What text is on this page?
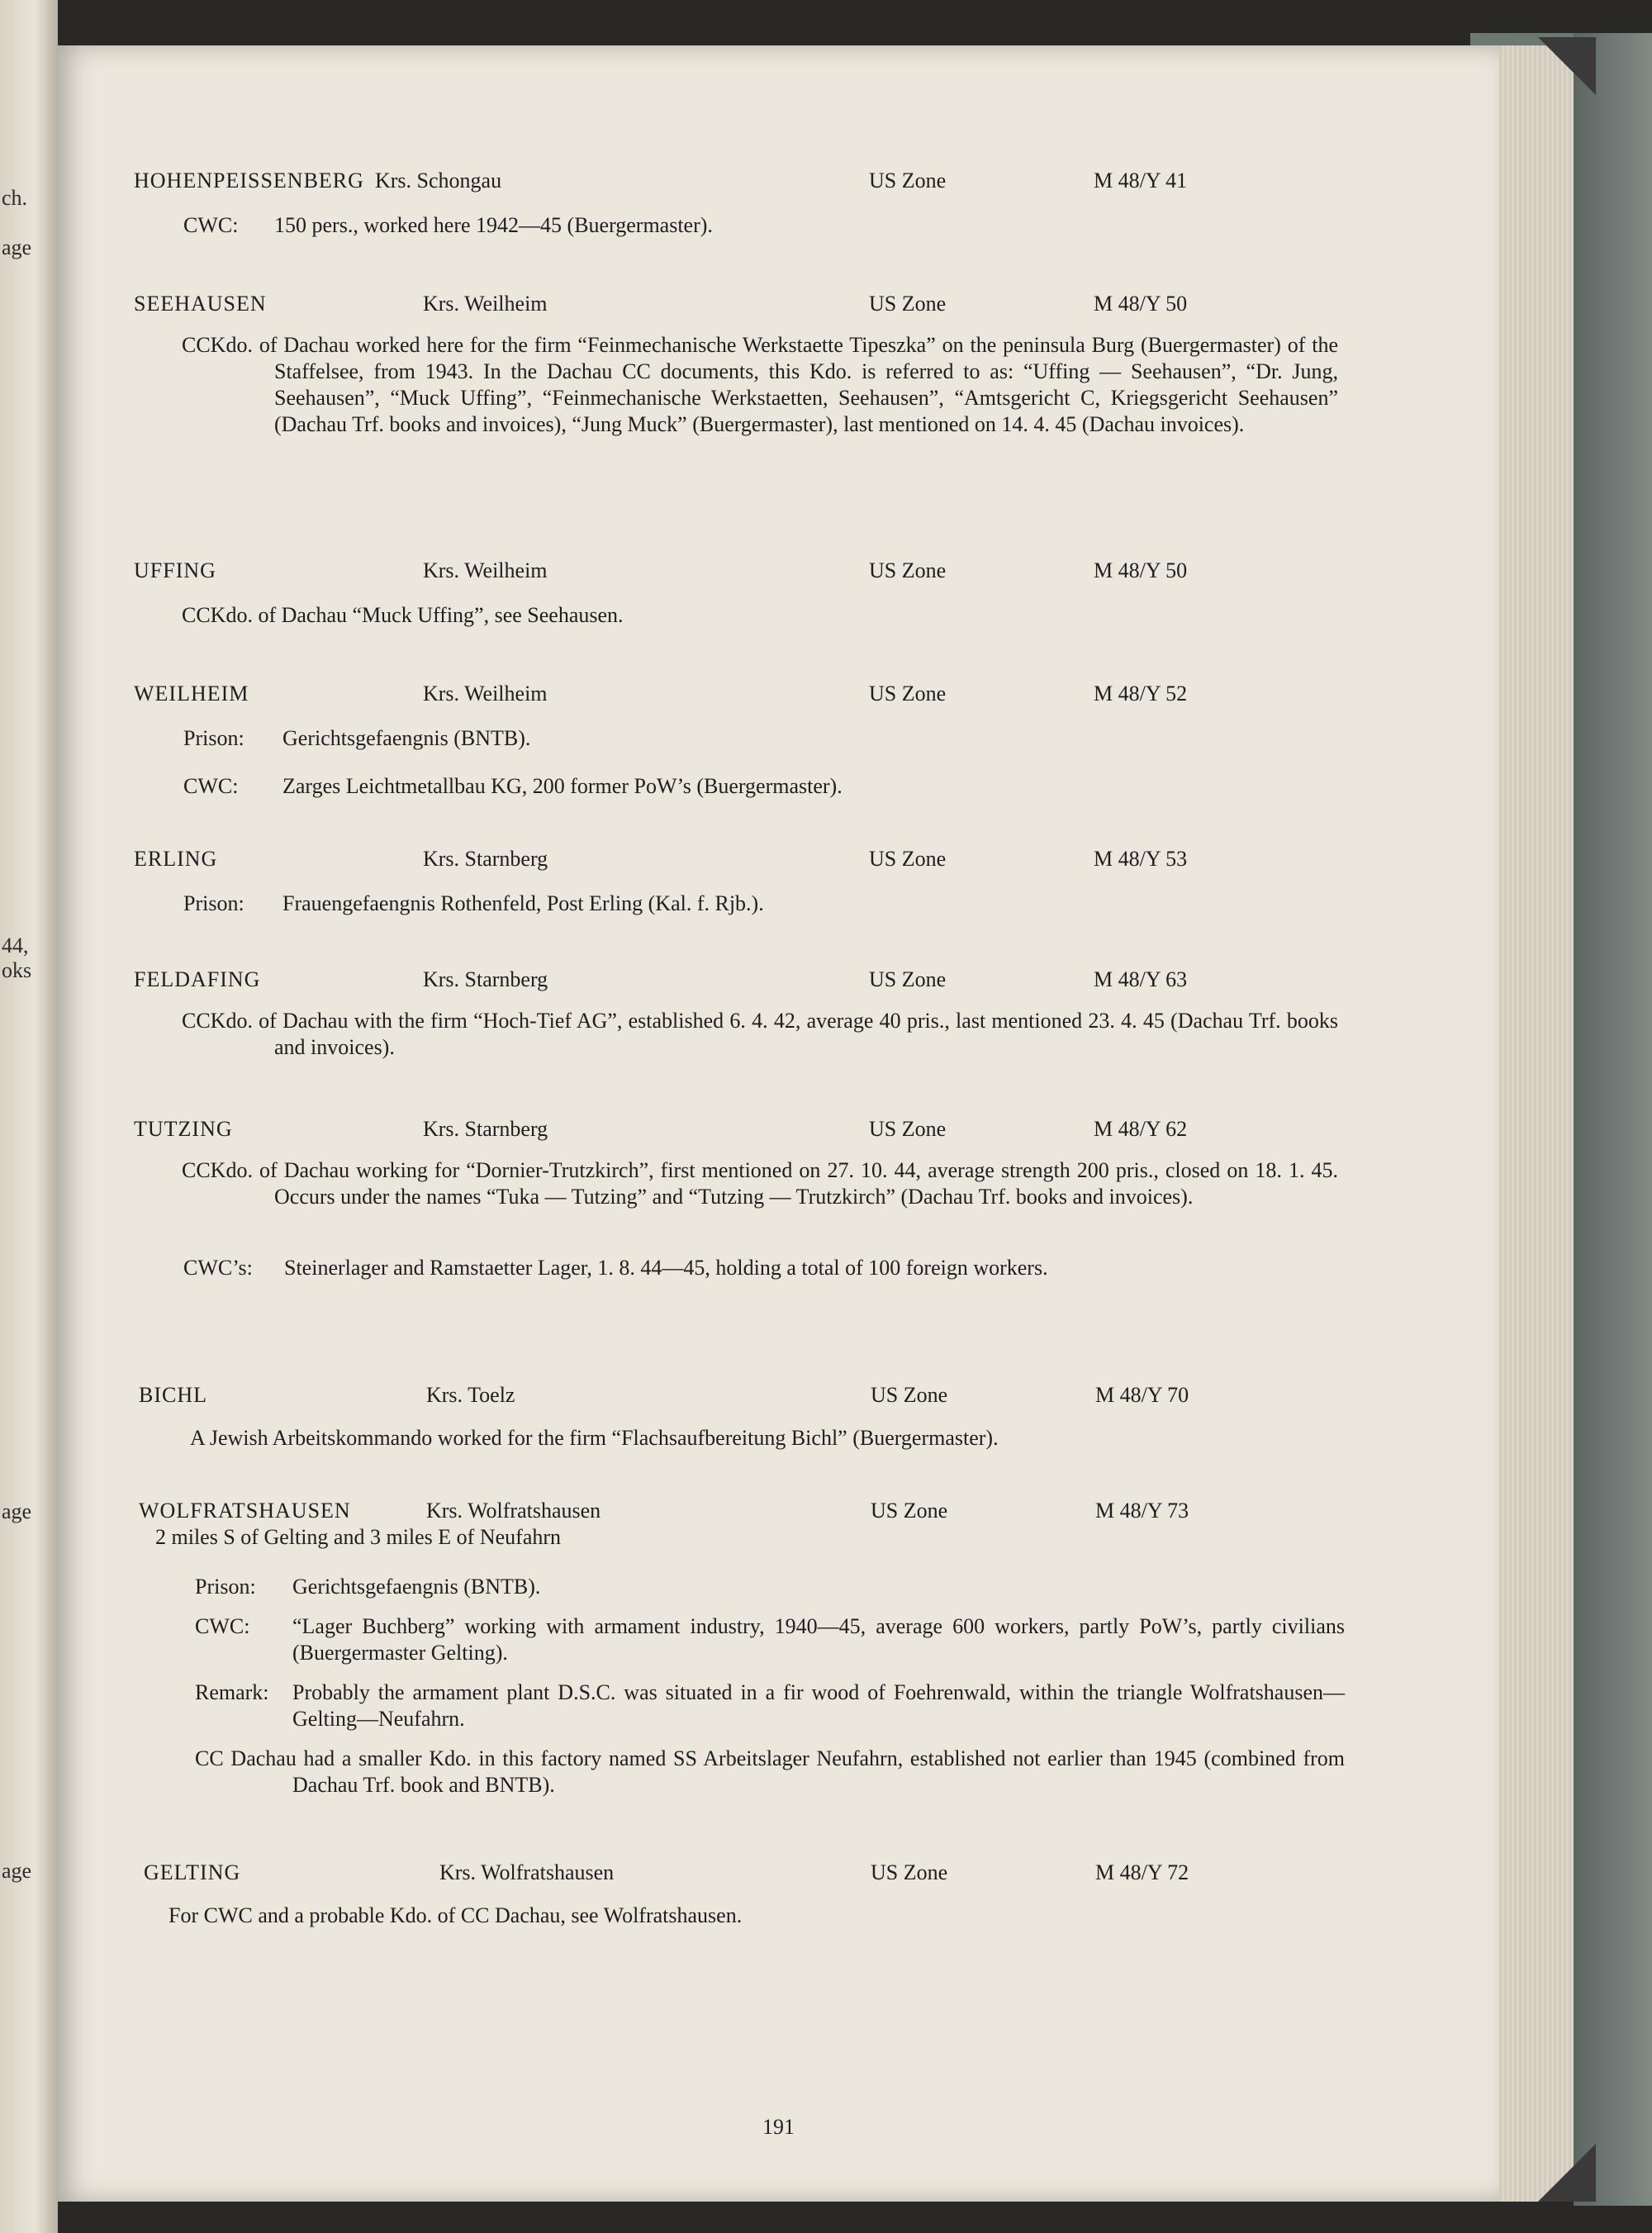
ch.
age
44,
oks
age
age
HOHENPEISSENBERG Krs. Schongau	US Zone	M 48/Y 41
CWC: 150 pers., worked here 1942—45 (Buergermaster).
SEEHAUSEN	Krs. Weilheim	US Zone	M 48/Y 50
CCKdo. of Dachau worked here for the firm “Feinmechanische Werkstaette Tipeszka” on the peninsula Burg (Buergermaster) of the Staffelsee, from 1943. In the Dachau CC documents, this Kdo. is referred to as: “Uffing — Seehausen”, “Dr. Jung, Seehausen”, “Muck Uffing”, “Feinmechanische Werkstaetten, Seehausen”, “Amtsgericht C, Kriegsgericht Seehausen” (Dachau Trf. books and invoices), “Jung Muck” (Buergermaster), last mentioned on 14. 4. 45 (Dachau invoices).
UFFING	Krs. Weilheim	US Zone	M 48/Y 50
CCKdo. of Dachau “Muck Uffing”, see Seehausen.
WEILHEIM	Krs. Weilheim	US Zone	M 48/Y 52
Prison: Gerichtsgefaengnis (BNTB).
CWC: Zarges Leichtmetallbau KG, 200 former PoW’s (Buergermaster).
ERLING	Krs. Starnberg	US Zone	M 48/Y 53
Prison: Frauengefaengnis Rothenfeld, Post Erling (Kal. f. Rjb.).
FELDAFING	Krs. Starnberg	US Zone	M 48/Y 63
CCKdo. of Dachau with the firm “Hoch-Tief AG”, established 6. 4. 42, average 40 pris., last mentioned 23. 4. 45 (Dachau Trf. books and invoices).
TUTZING	Krs. Starnberg	US Zone	M 48/Y 62
CCKdo. of Dachau working for “Dornier-Trutzkirch”, first mentioned on 27. 10. 44, average strength 200 pris., closed on 18. 1. 45. Occurs under the names “Tuka — Tutzing” and “Tutzing — Trutzkirch” (Dachau Trf. books and invoices).
CWC’s: Steinerlager and Ramstaetter Lager, 1. 8. 44—45, holding a total of 100 foreign workers.
BICHL	Krs. Toelz	US Zone	M 48/Y 70
A Jewish Arbeitskommando worked for the firm “Flachsaufbereitung Bichl” (Buergermaster).
WOLFRATSHAUSEN	Krs. Wolfratshausen	US Zone	M 48/Y 73
2 miles S of Gelting and 3 miles E of Neufahrn
Prison: Gerichtsgefaengnis (BNTB).
CWC: “Lager Buchberg” working with armament industry, 1940—45, average 600 workers, partly PoW’s, partly civilians (Buergermaster Gelting).
Remark: Probably the armament plant D.S.C. was situated in a fir wood of Foehrenwald, within the triangle Wolfratshausen—Gelting—Neufahrn.
CC Dachau had a smaller Kdo. in this factory named SS Arbeitslager Neufahrn, established not earlier than 1945 (combined from Dachau Trf. book and BNTB).
GELTING	Krs. Wolfratshausen	US Zone	M 48/Y 72
For CWC and a probable Kdo. of CC Dachau, see Wolfratshausen.
191
